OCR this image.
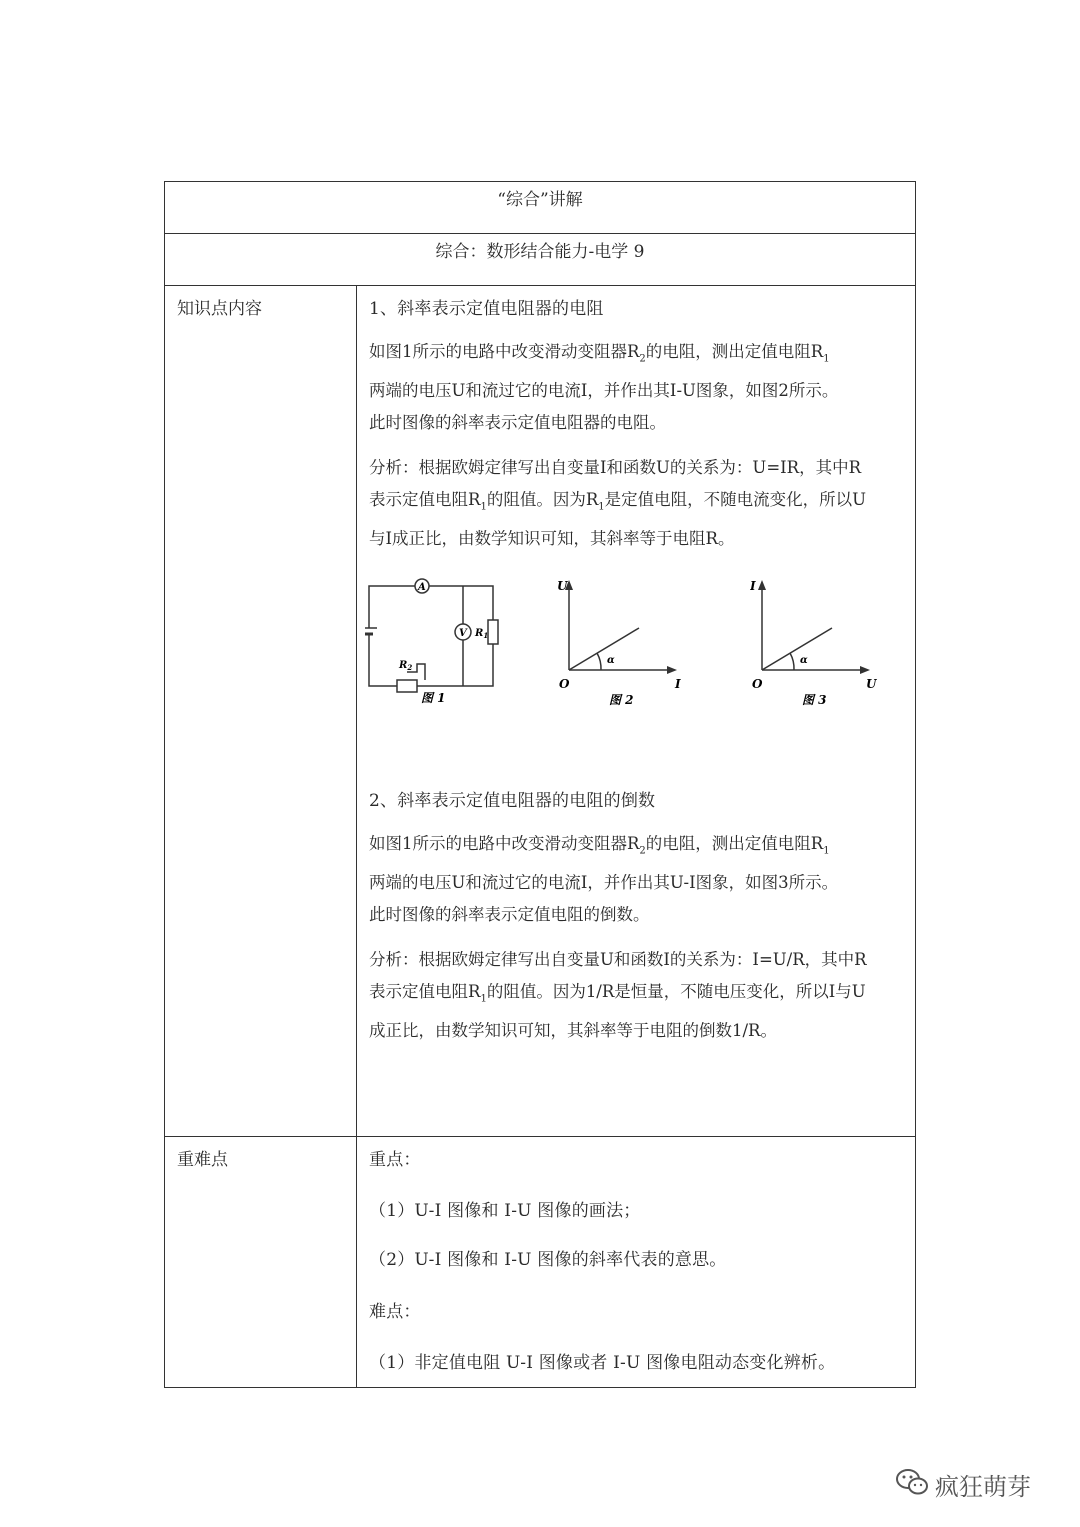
“综合”讲解
综合：数形结合能力-电学 9
知识点内容	1、斜率表示定值电阻器的电阻
如图1所示的电路中改变滑动变阻器$R_2$的电阻，测出定值电阻$R_1$
两端的电压U和流过它的电流I，并作出其I-U图象，如图2所示。
此时图像的斜率表示定值电阻器的电阻。
分析：根据欧姆定律写出自变量I和函数U的关系为：U=IR，其中R
表示定值电阻$R_1$的阻值。因为$R_1$是定值电阻，不随电流变化，所以U
与I成正比，由数学知识可知，其斜率等于电阻R。
A
V $R_1$
$R_2$
图 1
U
I
O
α
图 2
I
U
O
α
图 3
2、斜率表示定值电阻器的电阻的倒数
如图1所示的电路中改变滑动变阻器$R_2$的电阻，测出定值电阻$R_1$
两端的电压U和流过它的电流I，并作出其U-I图象，如图3所示。
此时图像的斜率表示定值电阻的倒数。
分析：根据欧姆定律写出自变量U和函数I的关系为：I=U/R，其中R
表示定值电阻$R_1$的阻值。因为1/R是恒量，不随电压变化，所以I与U
成正比，由数学知识可知，其斜率等于电阻的倒数1/R。
重难点	重点：
（1）U-I 图像和 I-U 图像的画法；
（2）U-I 图像和 I-U 图像的斜率代表的意思。
难点：
（1）非定值电阻 U-I 图像或者 I-U 图像电阻动态变化辨析。
疯狂萌芽
